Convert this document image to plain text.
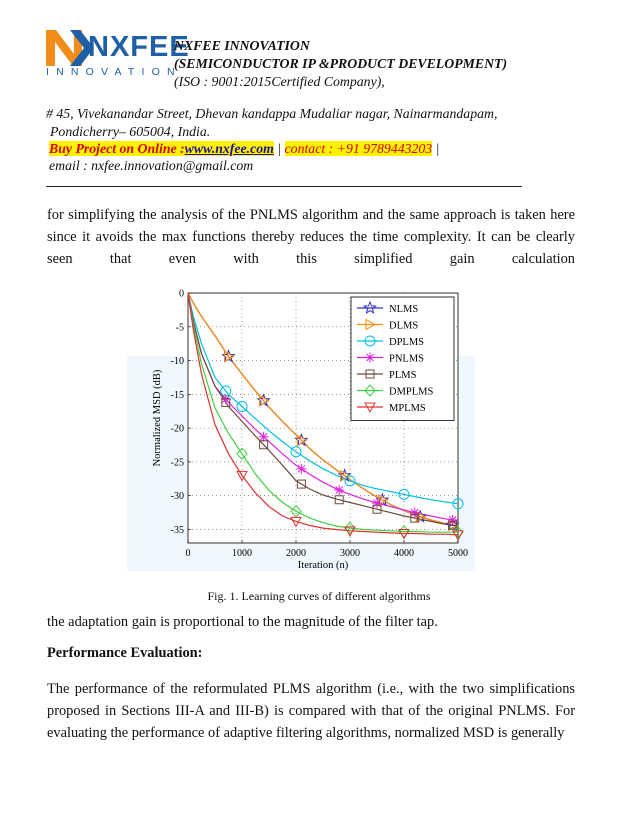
NXFEE
INNOVATION
NXFEE INNOVATION
(SEMICONDUCTOR IP &PRODUCT DEVELOPMENT)
(ISO : 9001:2015Certified Company),
# 45, Vivekanandar Street, Dhevan kandappa Mudaliar nagar, Nainarmandapam,
Pondicherry– 605004, India.
Buy Project on Online :www.nxfee.com | contact : +91 9789443203 |
email : nxfee.innovation@gmail.com
for simplifying the analysis of the PNLMS algorithm and the same approach is taken here since it avoids the max functions thereby reduces the time complexity. It can be clearly seen that even with this simplified gain calculation
0	1000	2000	3000	4000	5000
0
-5
-10
-15
-20
-25
-30
-35
Iteration (n)
Normalized MSD (dB)
NLMS
DLMS
DPLMS
PNLMS
PLMS
DMPLMS
MPLMS
Fig. 1. Learning curves of different algorithms
the adaptation gain is proportional to the magnitude of the filter tap.
Performance Evaluation:
The performance of the reformulated PLMS algorithm (i.e., with the two simplifications proposed in Sections III-A and III-B) is compared with that of the original PNLMS. For evaluating the performance of adaptive filtering algorithms, normalized MSD is generally
